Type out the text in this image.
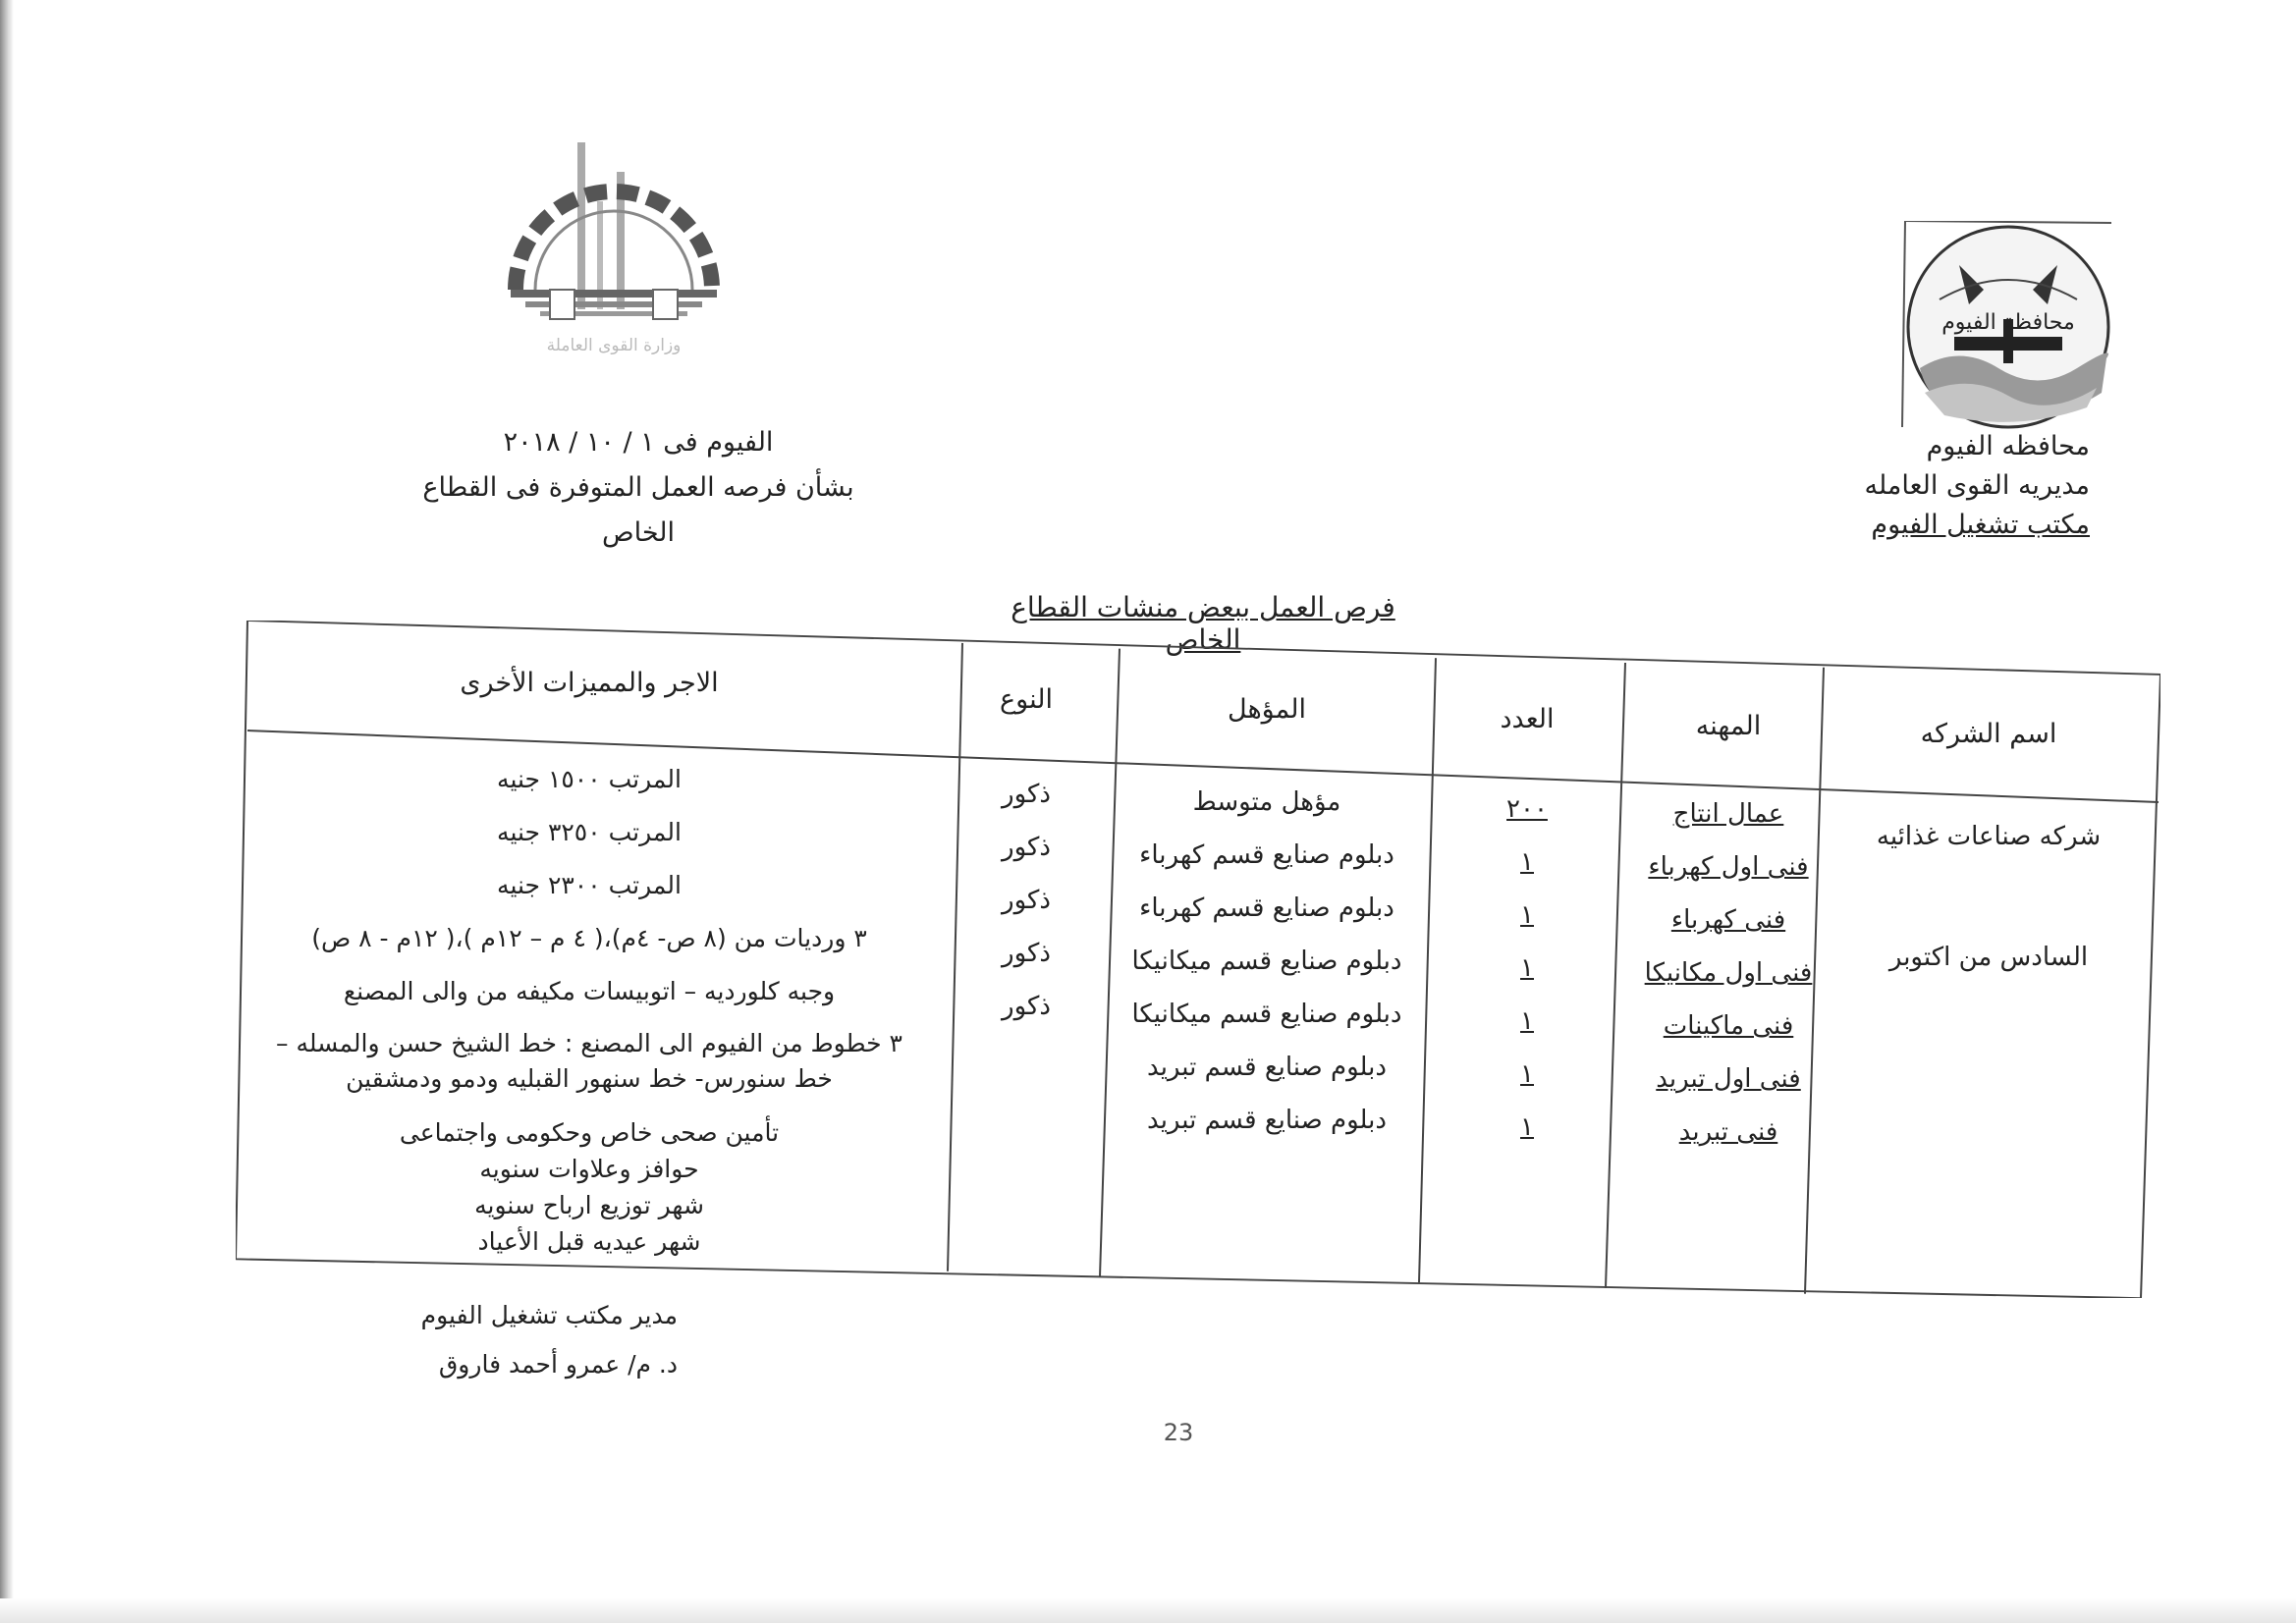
محافظة الفيوم
وزارة القوى العاملة
محافظه الفيوم
مديريه القوى العامله
مكتب تشغيل الفيوم
الفيوم فى ١ / ١٠ / ٢٠١٨
بشأن فرصه العمل المتوفرة فى القطاع الخاص
فرص العمل ببعض منشات القطاع الخاص
اسم الشركه
المهنه
العدد
المؤهل
النوع
الاجر والمميزات الأخرى
شركه صناعات غذائيه
السادس من اكتوبر
عمال انتاج
فنى اول كهرباء
فنى كهرباء
فنى اول مكانيكا
فنى ماكينات
فنى اول تبريد
فنى تبريد
٢٠٠
١
١
١
١
١
١
مؤهل متوسط
دبلوم صنايع قسم كهرباء
دبلوم صنايع قسم كهرباء
دبلوم صنايع قسم ميكانيكا
دبلوم صنايع قسم ميكانيكا
دبلوم صنايع قسم تبريد
دبلوم صنايع قسم تبريد
ذكور
ذكور
ذكور
ذكور
ذكور
المرتب ١٥٠٠ جنيه
المرتب ٣٢٥٠ جنيه
المرتب ٢٣٠٠ جنيه
٣ ورديات من (٨ ص- ٤م)،( ٤ م – ١٢م )،( ١٢م - ٨ ص)
وجبه كلورديه – اتوبيسات مكيفه من والى المصنع
٣ خطوط من الفيوم الى المصنع : خط الشيخ حسن والمسله –
خط سنورس- خط سنهور القبليه ودمو ودمشقين
تأمين صحى خاص وحكومى واجتماعى
حوافز وعلاوات سنويه
شهر توزيع ارباح سنويه
شهر عيديه قبل الأعياد
مدير مكتب تشغيل الفيوم
د. م/ عمرو أحمد فاروق
23
